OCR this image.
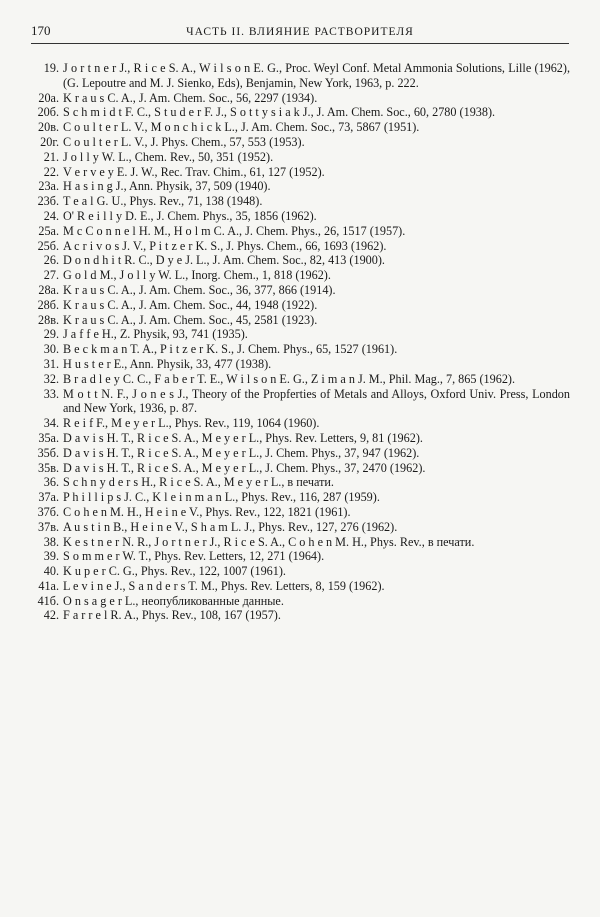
170	ЧАСТЬ II. ВЛИЯНИЕ РАСТВОРИТЕЛЯ
19. J o r t n e r J., R i c e S. A., W i l s o n E. G., Proc. Weyl Conf. Metal Ammonia Solutions, Lille (1962), (G. Lepoutre and M. J. Sienko, Eds), Benjamin, New York, 1963, p. 222.
20а. K r a u s C. A., J. Am. Chem. Soc., 56, 2297 (1934).
20б. S c h m i d t F. C., S t u d e r F. J., S o t t y s i a k J., J. Am. Chem. Soc., 60, 2780 (1938).
20в. C o u l t e r L. V., M o n c h i c k L., J. Am. Chem. Soc., 73, 5867 (1951).
20г. C o u l t e r L. V., J. Phys. Chem., 57, 553 (1953).
21. J o l l y W. L., Chem. Rev., 50, 351 (1952).
22. V e r v e y E. J. W., Rec. Trav. Chim., 61, 127 (1952).
23а. H a s i n g J., Ann. Physik, 37, 509 (1940).
23б. T e a l G. U., Phys. Rev., 71, 138 (1948).
24. O' R e i l l y D. E., J. Chem. Phys., 35, 1856 (1962).
25а. M c C o n n e l H. M., H o l m C. A., J. Chem. Phys., 26, 1517 (1957).
25б. A c r i v o s J. V., P i t z e r K. S., J. Phys. Chem., 66, 1693 (1962).
26. D o n d h i t R. C., D y e J. L., J. Am. Chem. Soc., 82, 413 (1900).
27. G o l d M., J o l l y W. L., Inorg. Chem., 1, 818 (1962).
28а. K r a u s C. A., J. Am. Chem. Soc., 36, 377, 866 (1914).
28б. K r a u s C. A., J. Am. Chem. Soc., 44, 1948 (1922).
28в. K r a u s C. A., J. Am. Chem. Soc., 45, 2581 (1923).
29. J a f f e H., Z. Physik, 93, 741 (1935).
30. B e c k m a n T. A., P i t z e r K. S., J. Chem. Phys., 65, 1527 (1961).
31. H u s t e r E., Ann. Physik, 33, 477 (1938).
32. B r a d l e y C. C., F a b e r T. E., W i l s o n E. G., Z i m a n J. M., Phil. Mag., 7, 865 (1962).
33. M o t t N. F., J o n e s J., Theory of the Propferties of Metals and Alloys, Oxford Univ. Press, London and New York, 1936, p. 87.
34. R e i f F., M e y e r L., Phys. Rev., 119, 1064 (1960).
35а. D a v i s H. T., R i c e S. A., M e y e r L., Phys. Rev. Letters, 9, 81 (1962).
35б. D a v i s H. T., R i c e S. A., M e y e r L., J. Chem. Phys., 37, 947 (1962).
35в. D a v i s H. T., R i c e S. A., M e y e r L., J. Chem. Phys., 37, 2470 (1962).
36. S c h n y d e r s H., R i c e S. A., M e y e r L., в печати.
37а. P h i l l i p s J. C., K l e i n m a n L., Phys. Rev., 116, 287 (1959).
37б. C o h e n M. H., H e i n e V., Phys. Rev., 122, 1821 (1961).
37в. A u s t i n B., H e i n e V., S h a m L. J., Phys. Rev., 127, 276 (1962).
38. K e s t n e r N. R., J o r t n e r J., R i c e S. A., C o h e n M. H., Phys. Rev., в печати.
39. S o m m e r W. T., Phys. Rev. Letters, 12, 271 (1964).
40. K u p e r C. G., Phys. Rev., 122, 1007 (1961).
41а. L e v i n e J., S a n d e r s T. M., Phys. Rev. Letters, 8, 159 (1962).
41б. O n s a g e r L., неопубликованные данные.
42. F a r r e l R. A., Phys. Rev., 108, 167 (1957).
